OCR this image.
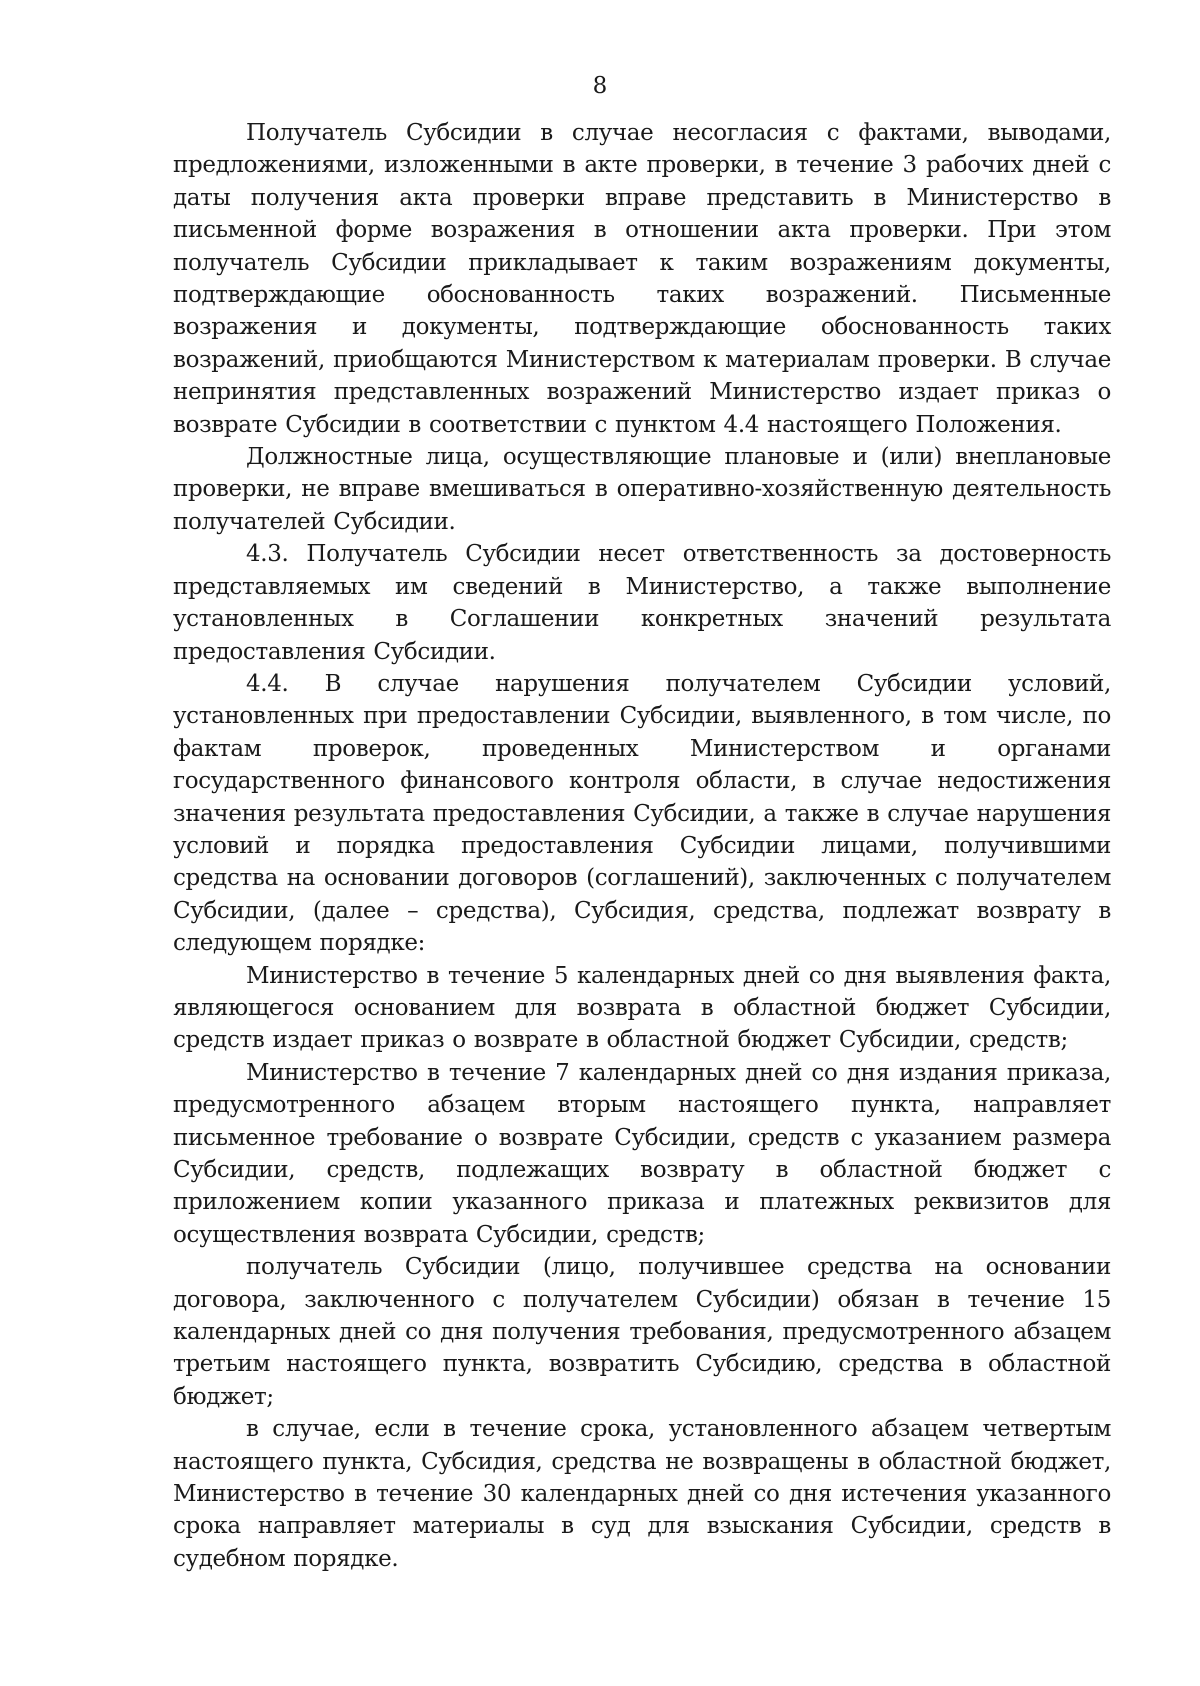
8

Получатель Субсидии в случае несогласия с фактами, выводами, предложениями, изложенными в акте проверки, в течение 3 рабочих дней с даты получения акта проверки вправе представить в Министерство в письменной форме возражения в отношении акта проверки. При этом получатель Субсидии прикладывает к таким возражениям документы, подтверждающие обоснованность таких возражений. Письменные возражения и документы, подтверждающие обоснованность таких возражений, приобщаются Министерством к материалам проверки. В случае непринятия представленных возражений Министерство издает приказ о возврате Субсидии в соответствии с пунктом 4.4 настоящего Положения.

Должностные лица, осуществляющие плановые и (или) внеплановые проверки, не вправе вмешиваться в оперативно-хозяйственную деятельность получателей Субсидии.

4.3. Получатель Субсидии несет ответственность за достоверность представляемых им сведений в Министерство, а также выполнение установленных в Соглашении конкретных значений результата предоставления Субсидии.

4.4. В случае нарушения получателем Субсидии условий, установленных при предоставлении Субсидии, выявленного, в том числе, по фактам проверок, проведенных Министерством и органами государственного финансового контроля области, в случае недостижения значения результата предоставления Субсидии, а также в случае нарушения условий и порядка предоставления Субсидии лицами, получившими средства на основании договоров (соглашений), заключенных с получателем Субсидии, (далее – средства), Субсидия, средства, подлежат возврату в следующем порядке:

Министерство в течение 5 календарных дней со дня выявления факта, являющегося основанием для возврата в областной бюджет Субсидии, средств издает приказ о возврате в областной бюджет Субсидии, средств;

Министерство в течение 7 календарных дней со дня издания приказа, предусмотренного абзацем вторым настоящего пункта, направляет письменное требование о возврате Субсидии, средств с указанием размера Субсидии, средств, подлежащих возврату в областной бюджет с приложением копии указанного приказа и платежных реквизитов для осуществления возврата Субсидии, средств;

получатель Субсидии (лицо, получившее средства на основании договора, заключенного с получателем Субсидии) обязан в течение 15 календарных дней со дня получения требования, предусмотренного абзацем третьим настоящего пункта, возвратить Субсидию, средства в областной бюджет;

в случае, если в течение срока, установленного абзацем четвертым настоящего пункта, Субсидия, средства не возвращены в областной бюджет, Министерство в течение 30 календарных дней со дня истечения указанного срока направляет материалы в суд для взыскания Субсидии, средств в судебном порядке.
